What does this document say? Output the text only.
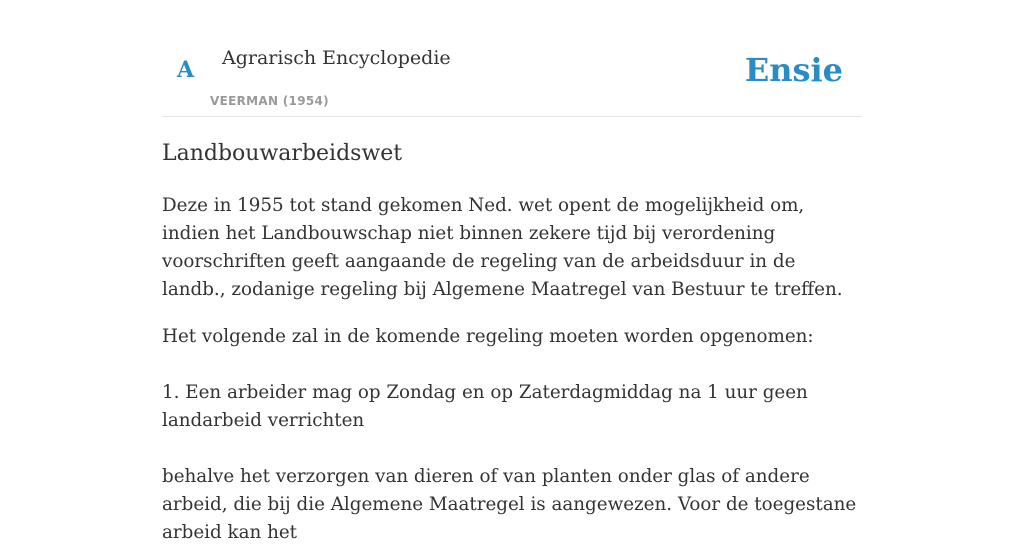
A Agrarisch Encyclopedie
VEERMAN (1954)
Ensie
Landbouwarbeidswet

Deze in 1955 tot stand gekomen Ned. wet opent de mogelijkheid om, indien het Landbouwschap niet binnen zekere tijd bij verordening voorschriften geeft aangaande de regeling van de arbeidsduur in de landb., zodanige regeling bij Algemene Maatregel van Bestuur te treffen.

Het volgende zal in de komende regeling moeten worden opgenomen:

1. Een arbeider mag op Zondag en op Zaterdagmiddag na 1 uur geen landarbeid verrichten

behalve het verzorgen van dieren of van planten onder glas of andere arbeid, die bij die Algemene Maatregel is aangewezen. Voor de toegestane arbeid kan het
